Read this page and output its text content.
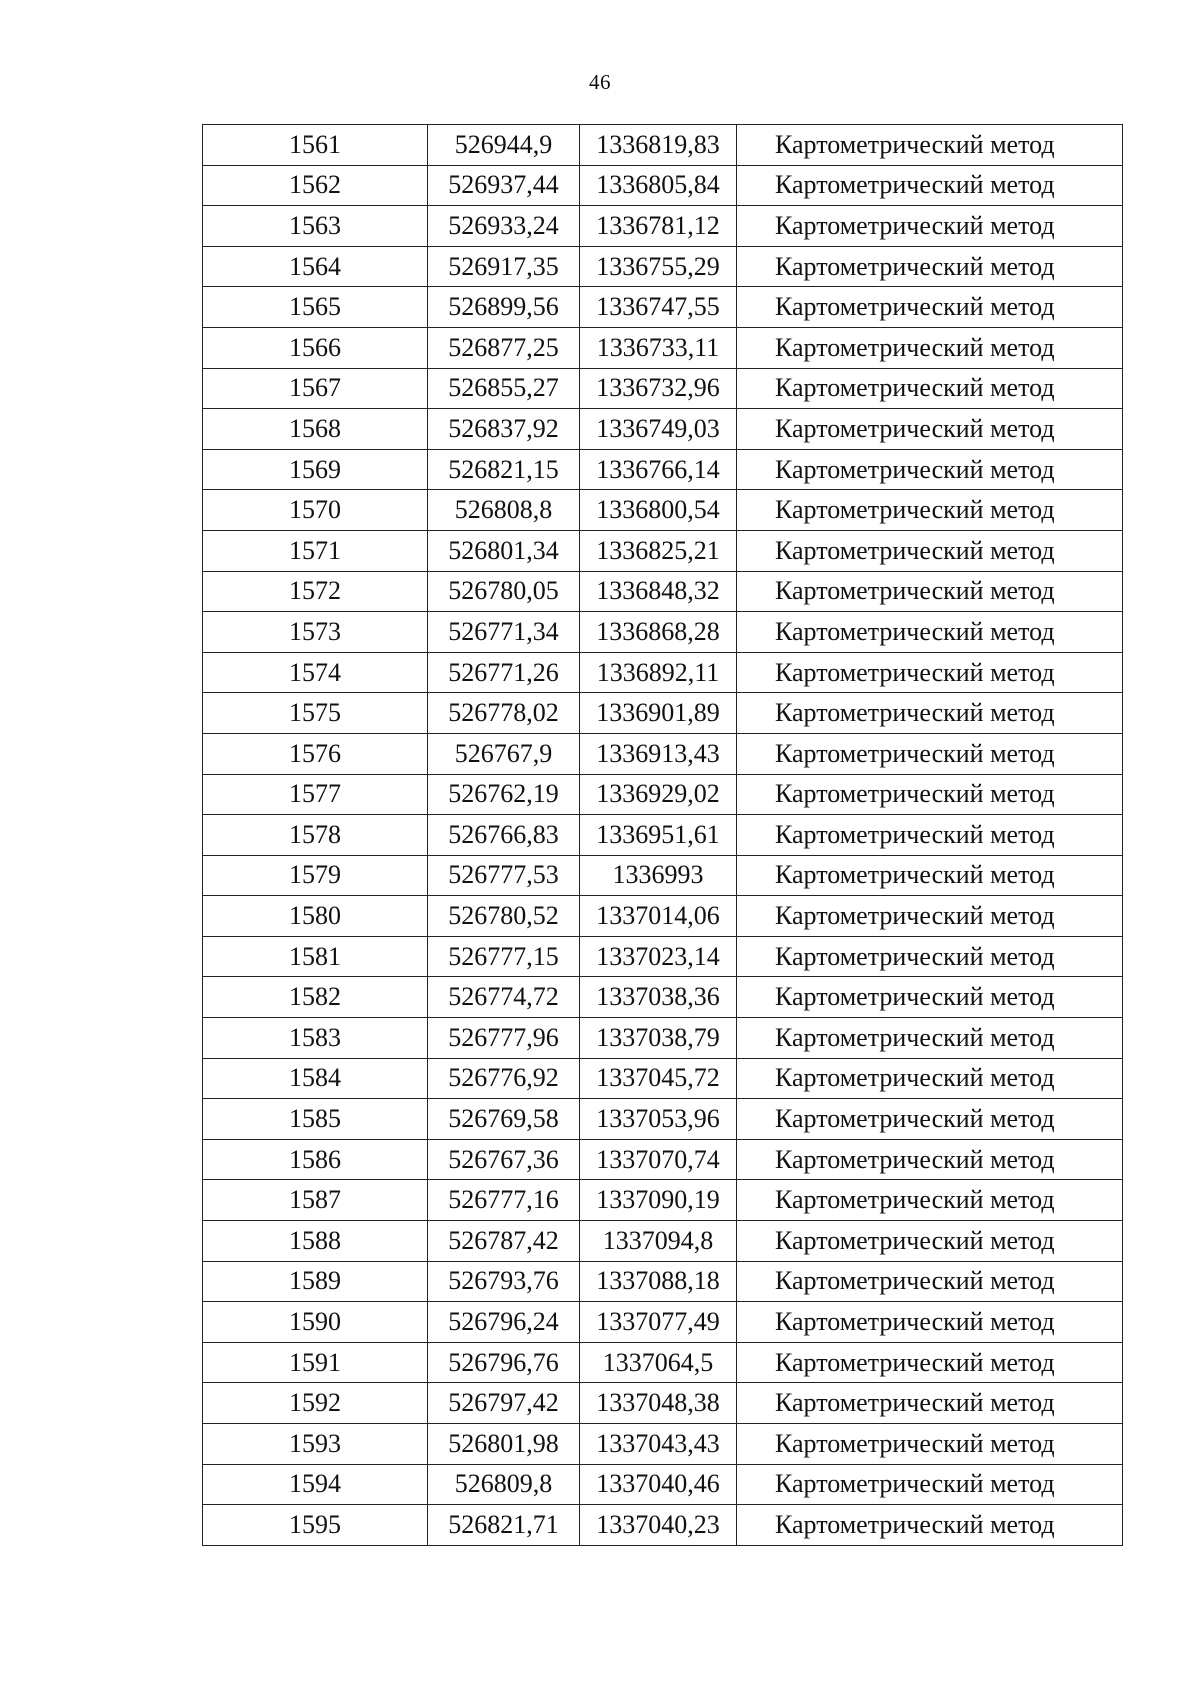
46
1561	526944,9	1336819,83	Картометрический метод
1562	526937,44	1336805,84	Картометрический метод
1563	526933,24	1336781,12	Картометрический метод
1564	526917,35	1336755,29	Картометрический метод
1565	526899,56	1336747,55	Картометрический метод
1566	526877,25	1336733,11	Картометрический метод
1567	526855,27	1336732,96	Картометрический метод
1568	526837,92	1336749,03	Картометрический метод
1569	526821,15	1336766,14	Картометрический метод
1570	526808,8	1336800,54	Картометрический метод
1571	526801,34	1336825,21	Картометрический метод
1572	526780,05	1336848,32	Картометрический метод
1573	526771,34	1336868,28	Картометрический метод
1574	526771,26	1336892,11	Картометрический метод
1575	526778,02	1336901,89	Картометрический метод
1576	526767,9	1336913,43	Картометрический метод
1577	526762,19	1336929,02	Картометрический метод
1578	526766,83	1336951,61	Картометрический метод
1579	526777,53	1336993	Картометрический метод
1580	526780,52	1337014,06	Картометрический метод
1581	526777,15	1337023,14	Картометрический метод
1582	526774,72	1337038,36	Картометрический метод
1583	526777,96	1337038,79	Картометрический метод
1584	526776,92	1337045,72	Картометрический метод
1585	526769,58	1337053,96	Картометрический метод
1586	526767,36	1337070,74	Картометрический метод
1587	526777,16	1337090,19	Картометрический метод
1588	526787,42	1337094,8	Картометрический метод
1589	526793,76	1337088,18	Картометрический метод
1590	526796,24	1337077,49	Картометрический метод
1591	526796,76	1337064,5	Картометрический метод
1592	526797,42	1337048,38	Картометрический метод
1593	526801,98	1337043,43	Картометрический метод
1594	526809,8	1337040,46	Картометрический метод
1595	526821,71	1337040,23	Картометрический метод
